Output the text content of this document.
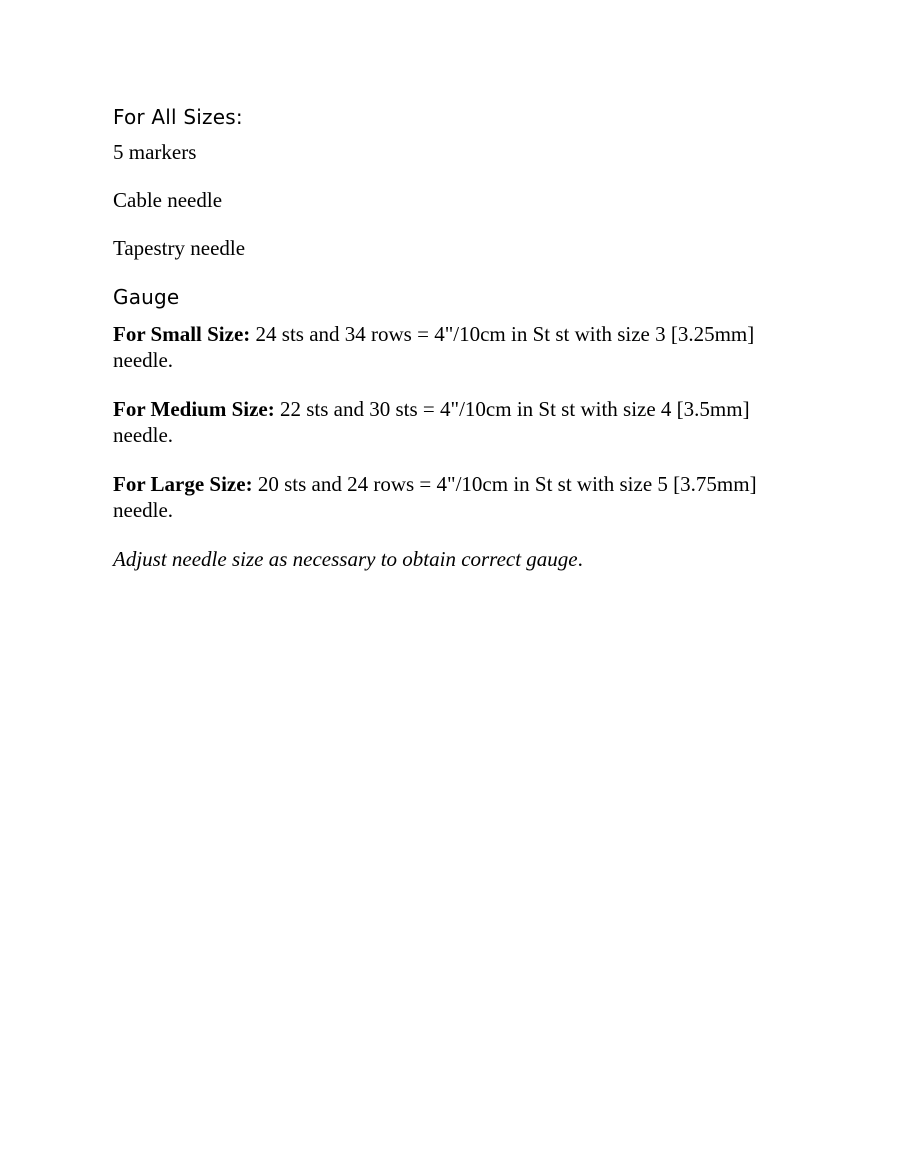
For All Sizes:

5 markers

Cable needle

Tapestry needle

Gauge

For Small Size: 24 sts and 34 rows = 4"/10cm in St st with size 3 [3.25mm] needle.

For Medium Size: 22 sts and 30 sts = 4"/10cm in St st with size 4 [3.5mm] needle.

For Large Size: 20 sts and 24 rows = 4"/10cm in St st with size 5 [3.75mm] needle.

Adjust needle size as necessary to obtain correct gauge.
